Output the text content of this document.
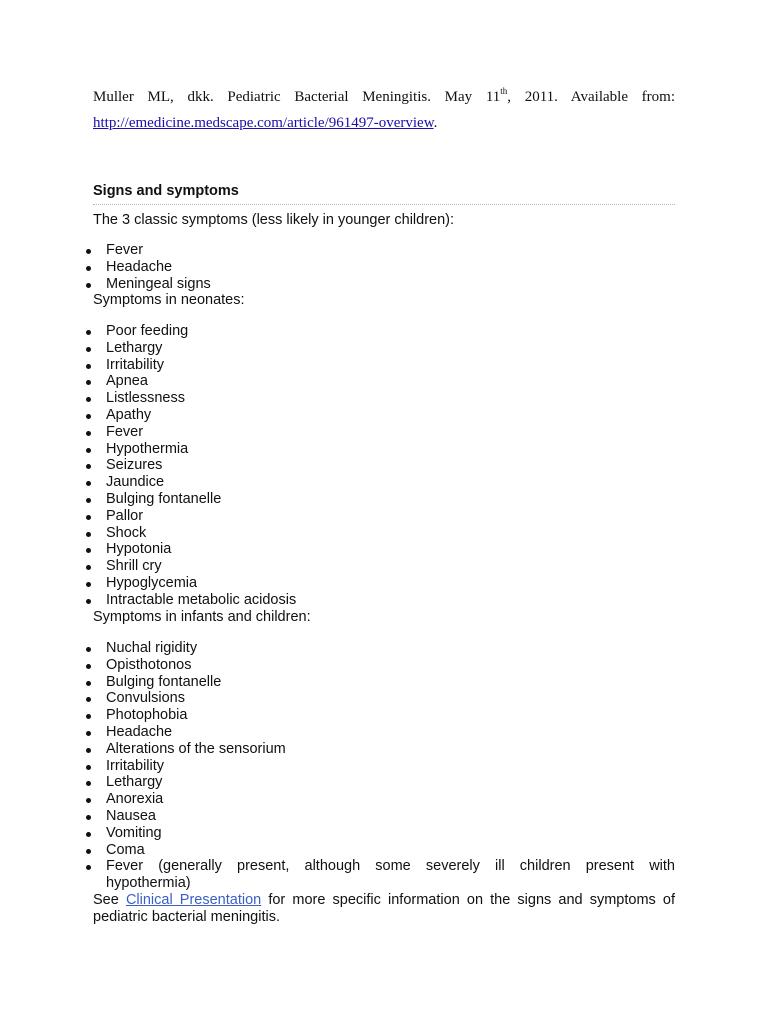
Muller ML, dkk. Pediatric Bacterial Meningitis. May 11th, 2011. Available from:
http://emedicine.medscape.com/article/961497-overview.
Signs and symptoms
The 3 classic symptoms (less likely in younger children):
Fever
Headache
Meningeal signs
Symptoms in neonates:
Poor feeding
Lethargy
Irritability
Apnea
Listlessness
Apathy
Fever
Hypothermia
Seizures
Jaundice
Bulging fontanelle
Pallor
Shock
Hypotonia
Shrill cry
Hypoglycemia
Intractable metabolic acidosis
Symptoms in infants and children:
Nuchal rigidity
Opisthotonos
Bulging fontanelle
Convulsions
Photophobia
Headache
Alterations of the sensorium
Irritability
Lethargy
Anorexia
Nausea
Vomiting
Coma
Fever (generally present, although some severely ill children present with
hypothermia)
See Clinical Presentation for more specific information on the signs and symptoms of
pediatric bacterial meningitis.
